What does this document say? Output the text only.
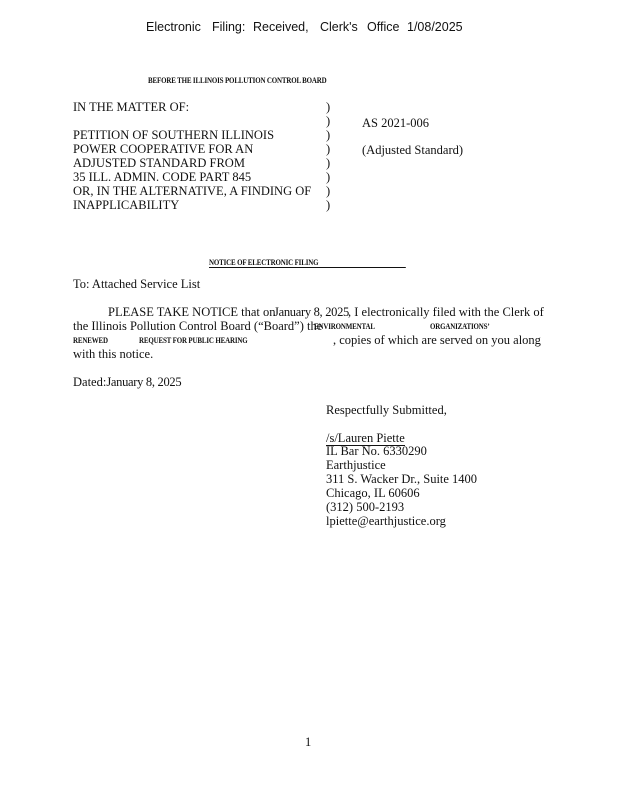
Electronic Filing: Received, Clerk's Office 1/08/2025
BEFORE THE ILLINOIS POLLUTION CONTROL BOARD
IN THE MATTER OF:
PETITION OF SOUTHERN ILLINOIS
POWER COOPERATIVE FOR AN
ADJUSTED STANDARD FROM
35 ILL. ADMIN. CODE PART 845
OR, IN THE ALTERNATIVE, A FINDING OF
INAPPLICABILITY
)
)
)
)
)
)
)
)
AS 2021-006
(Adjusted Standard)
NOTICE OF ELECTRONIC FILING
To: Attached Service List
PLEASE TAKE NOTICE that on
January 8, 2025 , I electronically filed with the Clerk of
the Illinois Pollution Control Board (“Board”) the
ENVIRONMENTAL	ORGANIZATIONS’
RENEWED	REQUEST FOR PUBLIC HEARING	, copies of which are served on you along
with this notice.
Dated:January 8, 2025
Respectfully Submitted,
/s/Lauren Piette
IL Bar No. 6330290
Earthjustice
311 S. Wacker Dr., Suite 1400
Chicago, IL 60606
(312) 500-2193
lpiette@earthjustice.org
1
